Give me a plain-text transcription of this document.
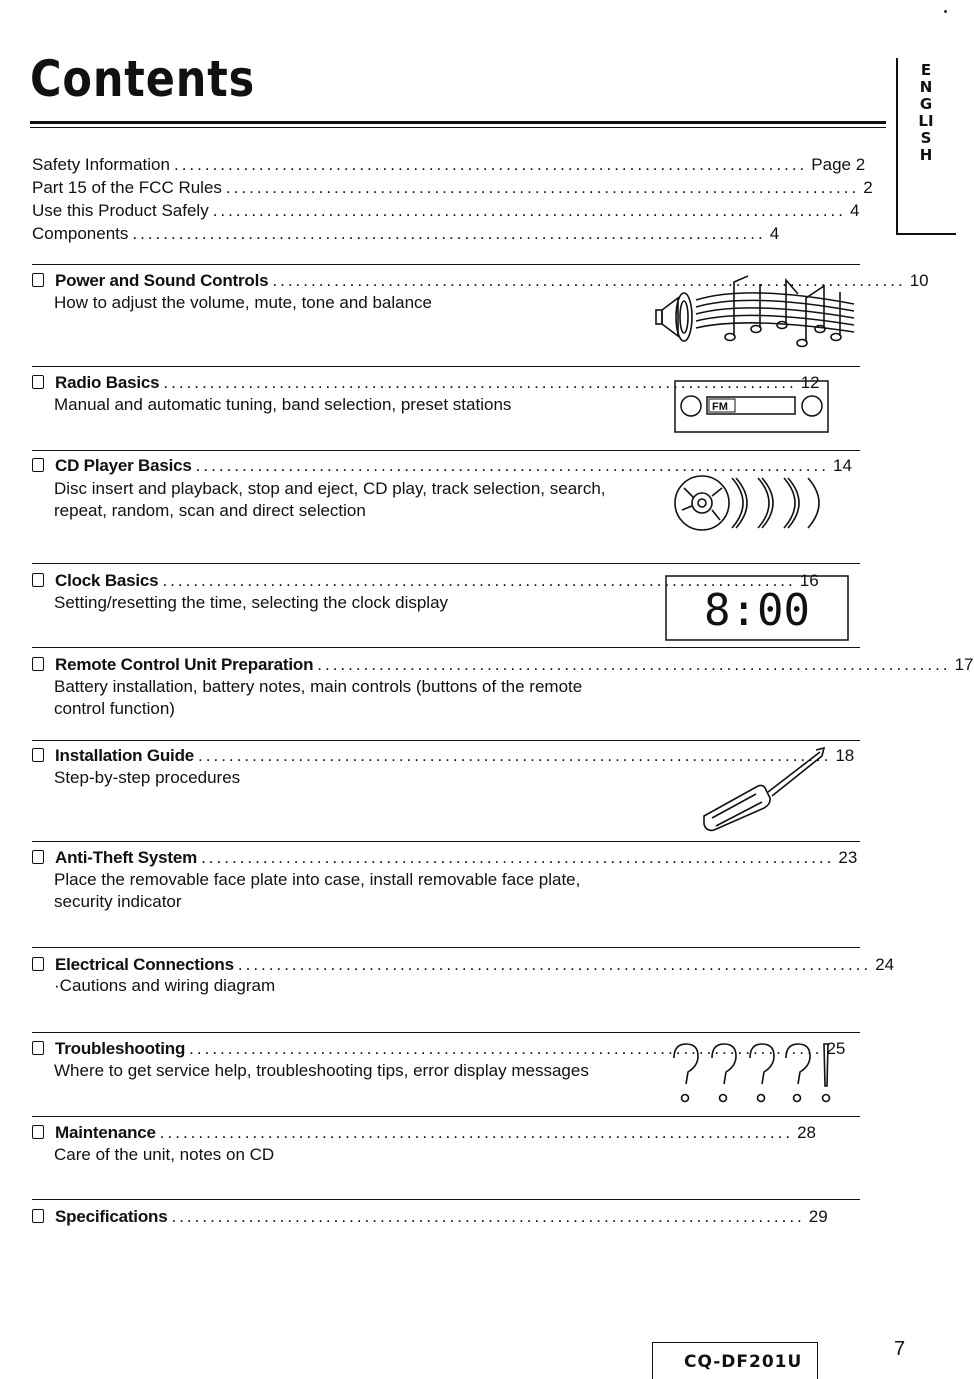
Contents	ENGLISH
Safety Information .................................................................................. Page 2
Part 15 of the FCC Rules .................................................................................. 2
Use this Product Safely .................................................................................. 4
Components .................................................................................. 4
Power and Sound Controls .................................................................................. 10
How to adjust the volume, mute, tone and balance
Radio Basics .................................................................................. 12
Manual and automatic tuning, band selection, preset stations
CD Player Basics .................................................................................. 14
Disc insert and playback, stop and eject, CD play, track selection, search, repeat, random, scan and direct selection
Clock Basics .................................................................................. 16
Setting/resetting the time, selecting the clock display
Remote Control Unit Preparation .................................................................................. 17
Battery installation, battery notes, main controls (buttons of the remote control function)
Installation Guide .................................................................................. 18
Step-by-step procedures
Anti-Theft System .................................................................................. 23
Place the removable face plate into case, install removable face plate, security indicator
Electrical Connections .................................................................................. 24
·Cautions and wiring diagram
Troubleshooting .................................................................................. 25
Where to get service help, troubleshooting tips, error display messages
Maintenance .................................................................................. 28
Care of the unit, notes on CD
Specifications .................................................................................. 29
FM
8:00
CQ-DF201U
7
